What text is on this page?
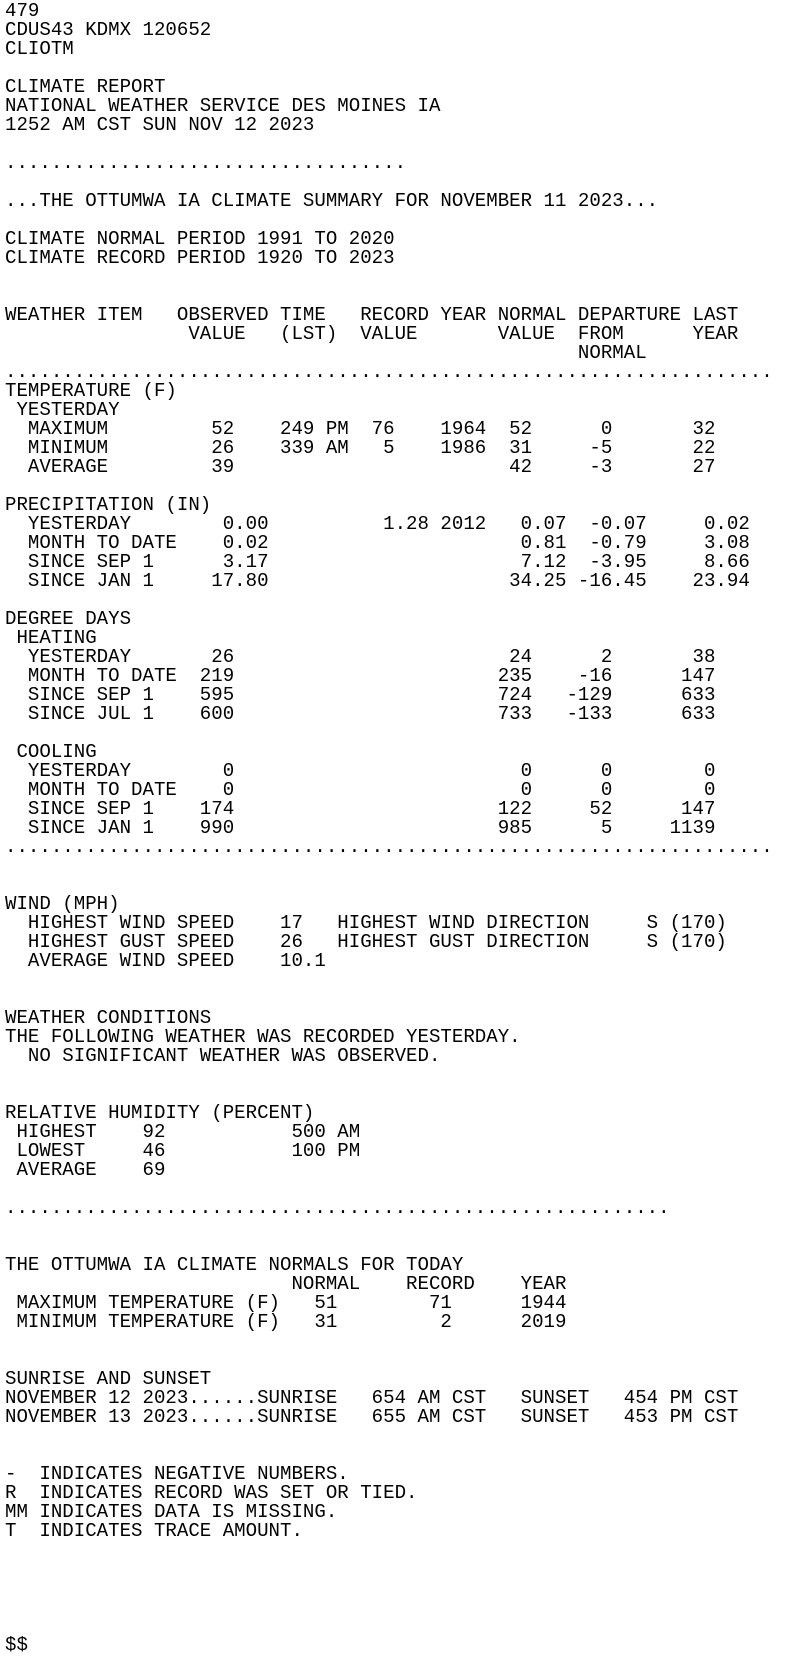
479
CDUS43 KDMX 120652
CLIOTM

CLIMATE REPORT
NATIONAL WEATHER SERVICE DES MOINES IA
1252 AM CST SUN NOV 12 2023

...................................

...THE OTTUMWA IA CLIMATE SUMMARY FOR NOVEMBER 11 2023...

CLIMATE NORMAL PERIOD 1991 TO 2020
CLIMATE RECORD PERIOD 1920 TO 2023

WEATHER ITEM   OBSERVED TIME   RECORD YEAR NORMAL DEPARTURE LAST
VALUE   (LST)  VALUE       VALUE  FROM      YEAR
NORMAL
...................................................................
TEMPERATURE (F)
YESTERDAY
MAXIMUM         52    249 PM  76    1964  52      0       32
MINIMUM         26    339 AM   5    1986  31     -5       22
AVERAGE         39                        42     -3       27

PRECIPITATION (IN)
YESTERDAY        0.00          1.28 2012   0.07  -0.07     0.02
MONTH TO DATE    0.02                      0.81  -0.79     3.08
SINCE SEP 1      3.17                      7.12  -3.95     8.66
SINCE JAN 1     17.80                     34.25 -16.45    23.94

DEGREE DAYS
HEATING
YESTERDAY       26                        24      2       38
MONTH TO DATE  219                       235    -16      147
SINCE SEP 1    595                       724   -129      633
SINCE JUL 1    600                       733   -133      633

COOLING
YESTERDAY        0                         0      0        0
MONTH TO DATE    0                         0      0        0
SINCE SEP 1    174                       122     52      147
SINCE JAN 1    990                       985      5     1139
...................................................................

WIND (MPH)
HIGHEST WIND SPEED    17   HIGHEST WIND DIRECTION     S (170)
HIGHEST GUST SPEED    26   HIGHEST GUST DIRECTION     S (170)
AVERAGE WIND SPEED    10.1

WEATHER CONDITIONS
THE FOLLOWING WEATHER WAS RECORDED YESTERDAY.
NO SIGNIFICANT WEATHER WAS OBSERVED.

RELATIVE HUMIDITY (PERCENT)
HIGHEST    92           500 AM
LOWEST     46           100 PM
AVERAGE    69

..........................................................

THE OTTUMWA IA CLIMATE NORMALS FOR TODAY
NORMAL    RECORD    YEAR
MAXIMUM TEMPERATURE (F)   51        71      1944
MINIMUM TEMPERATURE (F)   31         2      2019

SUNRISE AND SUNSET
NOVEMBER 12 2023......SUNRISE   654 AM CST   SUNSET   454 PM CST
NOVEMBER 13 2023......SUNRISE   655 AM CST   SUNSET   453 PM CST

-  INDICATES NEGATIVE NUMBERS.
R  INDICATES RECORD WAS SET OR TIED.
MM INDICATES DATA IS MISSING.
T  INDICATES TRACE AMOUNT.

$$
